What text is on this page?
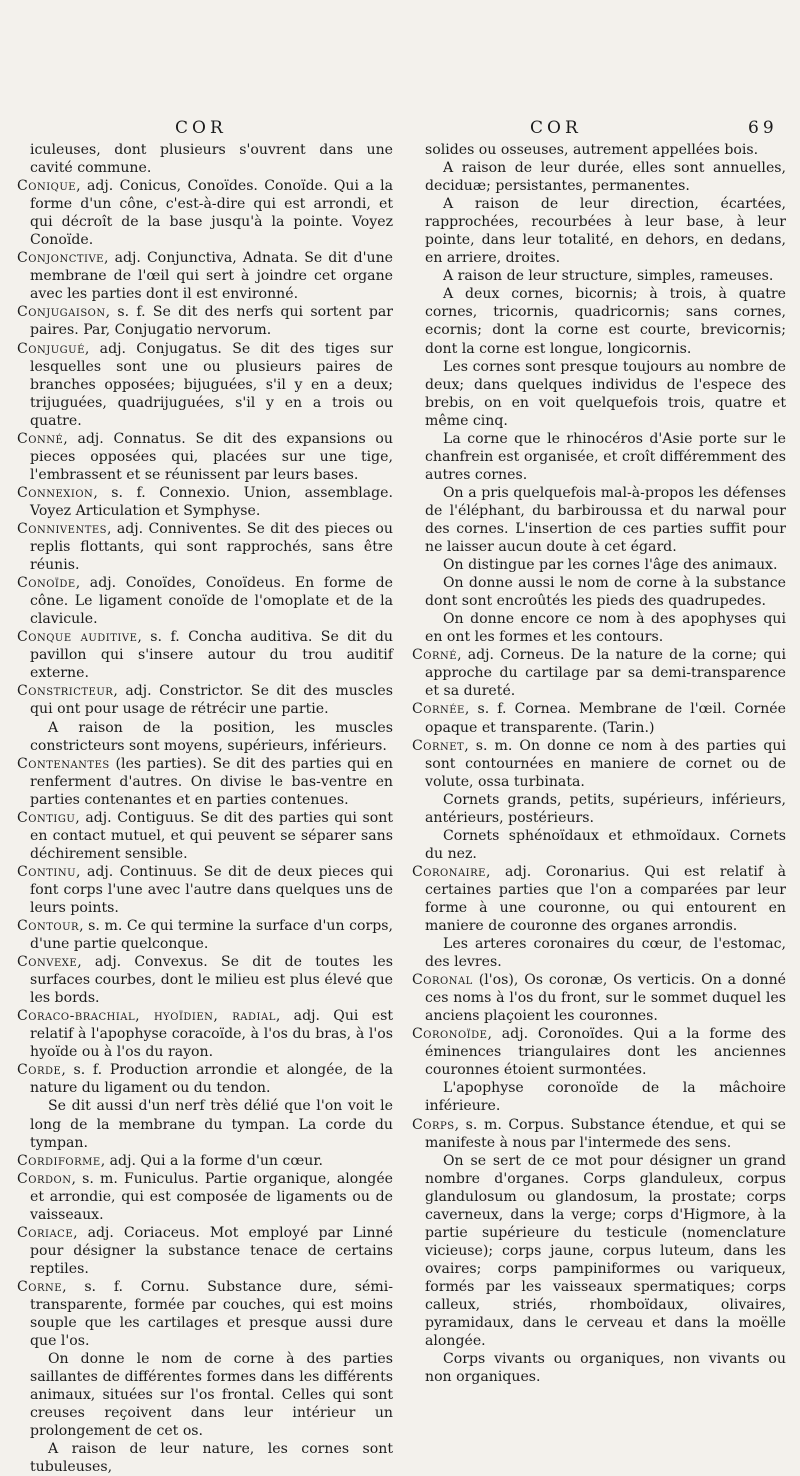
COR	COR	69

iculeuses, dont plusieurs s'ouvrent dans une cavité commune.

Conique, adj. Conicus, Conoïdes. Conoïde. Qui a la forme d'un cône, c'est-à-dire qui est arrondi, et qui décroît de la base jusqu'à la pointe. Voyez Conoïde.

Conjonctive, adj. Conjunctiva, Adnata. Se dit d'une membrane de l'œil qui sert à joindre cet organe avec les parties dont il est environné.

Conjugaison, s. f. Se dit des nerfs qui sortent par paires. Par, Conjugatio nervorum.

Conjugué, adj. Conjugatus. Se dit des tiges sur lesquelles sont une ou plusieurs paires de branches opposées; bijuguées, s'il y en a deux; trijuguées, quadrijuguées, s'il y en a trois ou quatre.

Conné, adj. Connatus. Se dit des expansions ou pieces opposées qui, placées sur une tige, l'embrassent et se réunissent par leurs bases.

Connexion, s. f. Connexio. Union, assemblage. Voyez Articulation et Symphyse.

Conniventes, adj. Conniventes. Se dit des pieces ou replis flottants, qui sont rapprochés, sans être réunis.

Conoïde, adj. Conoïdes, Conoïdeus. En forme de cône. Le ligament conoïde de l'omoplate et de la clavicule.

Conque auditive, s. f. Concha auditiva. Se dit du pavillon qui s'insere autour du trou auditif externe.

Constricteur, adj. Constrictor. Se dit des muscles qui ont pour usage de rétrécir une partie.

A raison de la position, les muscles constricteurs sont moyens, supérieurs, inférieurs.

Contenantes (les parties). Se dit des parties qui en renferment d'autres. On divise le bas-ventre en parties contenantes et en parties contenues.

Contigu, adj. Contiguus. Se dit des parties qui sont en contact mutuel, et qui peuvent se séparer sans déchirement sensible.

Continu, adj. Continuus. Se dit de deux pieces qui font corps l'une avec l'autre dans quelques uns de leurs points.

Contour, s. m. Ce qui termine la surface d'un corps, d'une partie quelconque.

Convexe, adj. Convexus. Se dit de toutes les surfaces courbes, dont le milieu est plus élevé que les bords.

Coraco-brachial, hyoïdien, radial, adj. Qui est relatif à l'apophyse coracoïde, à l'os du bras, à l'os hyoïde ou à l'os du rayon.

Corde, s. f. Production arrondie et alongée, de la nature du ligament ou du tendon.

Se dit aussi d'un nerf très délié que l'on voit le long de la membrane du tympan. La corde du tympan.

Cordiforme, adj. Qui a la forme d'un cœur.

Cordon, s. m. Funiculus. Partie organique, alongée et arrondie, qui est composée de ligaments ou de vaisseaux.

Coriace, adj. Coriaceus. Mot employé par Linné pour désigner la substance tenace de certains reptiles.

Corne, s. f. Cornu. Substance dure, sémi-transparente, formée par couches, qui est moins souple que les cartilages et presque aussi dure que l'os.

On donne le nom de corne à des parties saillantes de différentes formes dans les différents animaux, situées sur l'os frontal. Celles qui sont creuses reçoivent dans leur intérieur un prolongement de cet os.

A raison de leur nature, les cornes sont tubuleuses,

solides ou osseuses, autrement appellées bois.

A raison de leur durée, elles sont annuelles, deciduæ; persistantes, permanentes.

A raison de leur direction, écartées, rapprochées, recourbées à leur base, à leur pointe, dans leur totalité, en dehors, en dedans, en arriere, droites.

A raison de leur structure, simples, rameuses.

A deux cornes, bicornis; à trois, à quatre cornes, tricornis, quadricornis; sans cornes, ecornis; dont la corne est courte, brevicornis; dont la corne est longue, longicornis.

Les cornes sont presque toujours au nombre de deux; dans quelques individus de l'espece des brebis, on en voit quelquefois trois, quatre et même cinq.

La corne que le rhinocéros d'Asie porte sur le chanfrein est organisée, et croît différemment des autres cornes.

On a pris quelquefois mal-à-propos les défenses de l'éléphant, du barbiroussa et du narwal pour des cornes. L'insertion de ces parties suffit pour ne laisser aucun doute à cet égard.

On distingue par les cornes l'âge des animaux.

On donne aussi le nom de corne à la substance dont sont encroûtés les pieds des quadrupedes.

On donne encore ce nom à des apophyses qui en ont les formes et les contours.

Corné, adj. Corneus. De la nature de la corne; qui approche du cartilage par sa demi-transparence et sa dureté.

Cornée, s. f. Cornea. Membrane de l'œil. Cornée opaque et transparente. (Tarin.)

Cornet, s. m. On donne ce nom à des parties qui sont contournées en maniere de cornet ou de volute, ossa turbinata.

Cornets grands, petits, supérieurs, inférieurs, antérieurs, postérieurs.

Cornets sphénoïdaux et ethmoïdaux. Cornets du nez.

Coronaire, adj. Coronarius. Qui est relatif à certaines parties que l'on a comparées par leur forme à une couronne, ou qui entourent en maniere de couronne des organes arrondis.

Les arteres coronaires du cœur, de l'estomac, des levres.

Coronal (l'os), Os coronæ, Os verticis. On a donné ces noms à l'os du front, sur le sommet duquel les anciens plaçoient les couronnes.

Coronoïde, adj. Coronoïdes. Qui a la forme des éminences triangulaires dont les anciennes couronnes étoient surmontées.

L'apophyse coronoïde de la mâchoire inférieure.

Corps, s. m. Corpus. Substance étendue, et qui se manifeste à nous par l'intermede des sens.

On se sert de ce mot pour désigner un grand nombre d'organes. Corps glanduleux, corpus glandulosum ou glandosum, la prostate; corps caverneux, dans la verge; corps d'Higmore, à la partie supérieure du testicule (nomenclature vicieuse); corps jaune, corpus luteum, dans les ovaires; corps pampiniformes ou variqueux, formés par les vaisseaux spermatiques; corps calleux, striés, rhomboïdaux, olivaires, pyramidaux, dans le cerveau et dans la moëlle alongée.

Corps vivants ou organiques, non vivants ou non organiques.
